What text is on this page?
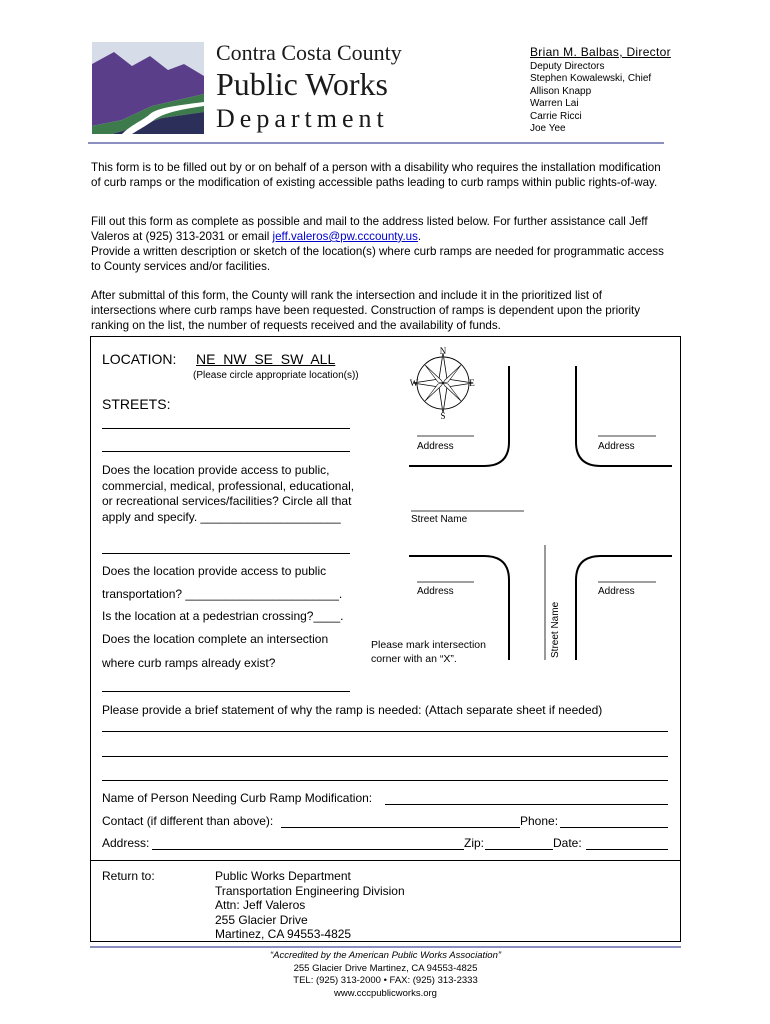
Contra Costa County
Public Works
Department
Brian M. Balbas, Director
Deputy Directors
Stephen Kowalewski, Chief
Allison Knapp
Warren Lai
Carrie Ricci
Joe Yee
This form is to be filled out by or on behalf of a person with a disability who requires the installation modification of curb ramps or the modification of existing accessible paths leading to curb ramps within public rights-of-way.
Fill out this form as complete as possible and mail to the address listed below. For further assistance call Jeff Valeros at (925) 313-2031 or email jeff.valeros@pw.cccounty.us.
Provide a written description or sketch of the location(s) where curb ramps are needed for programmatic access to County services and/or facilities.
After submittal of this form, the County will rank the intersection and include it in the prioritized list of intersections where curb ramps have been requested. Construction of ramps is dependent upon the priority ranking on the list, the number of requests received and the availability of funds.
LOCATION: NE  NW  SE  SW  ALL
(Please circle appropriate location(s))
STREETS:
Does the location provide access to public,
commercial, medical, professional, educational,
or recreational services/facilities? Circle all that
apply and specify. _____________________
Does the location provide access to public
transportation? _______________________.
Is the location at a pedestrian crossing?____.
Does the location complete an intersection
where curb ramps already exist?
N
S
W	E
Address	Address
Address	Address
Street Name
Street Name
Please mark intersection
corner with an “X”.
Please provide a brief statement of why the ramp is needed: (Attach separate sheet if needed)
Name of Person Needing Curb Ramp Modification:
Contact (if different than above):	Phone:
Address:	Zip:	Date:
Return to:	Public Works Department
Transportation Engineering Division
Attn: Jeff Valeros
255 Glacier Drive
Martinez, CA 94553-4825
“Accredited by the American Public Works Association”
255 Glacier Drive Martinez, CA 94553-4825
TEL: (925) 313-2000 • FAX: (925) 313-2333
www.cccpublicworks.org
